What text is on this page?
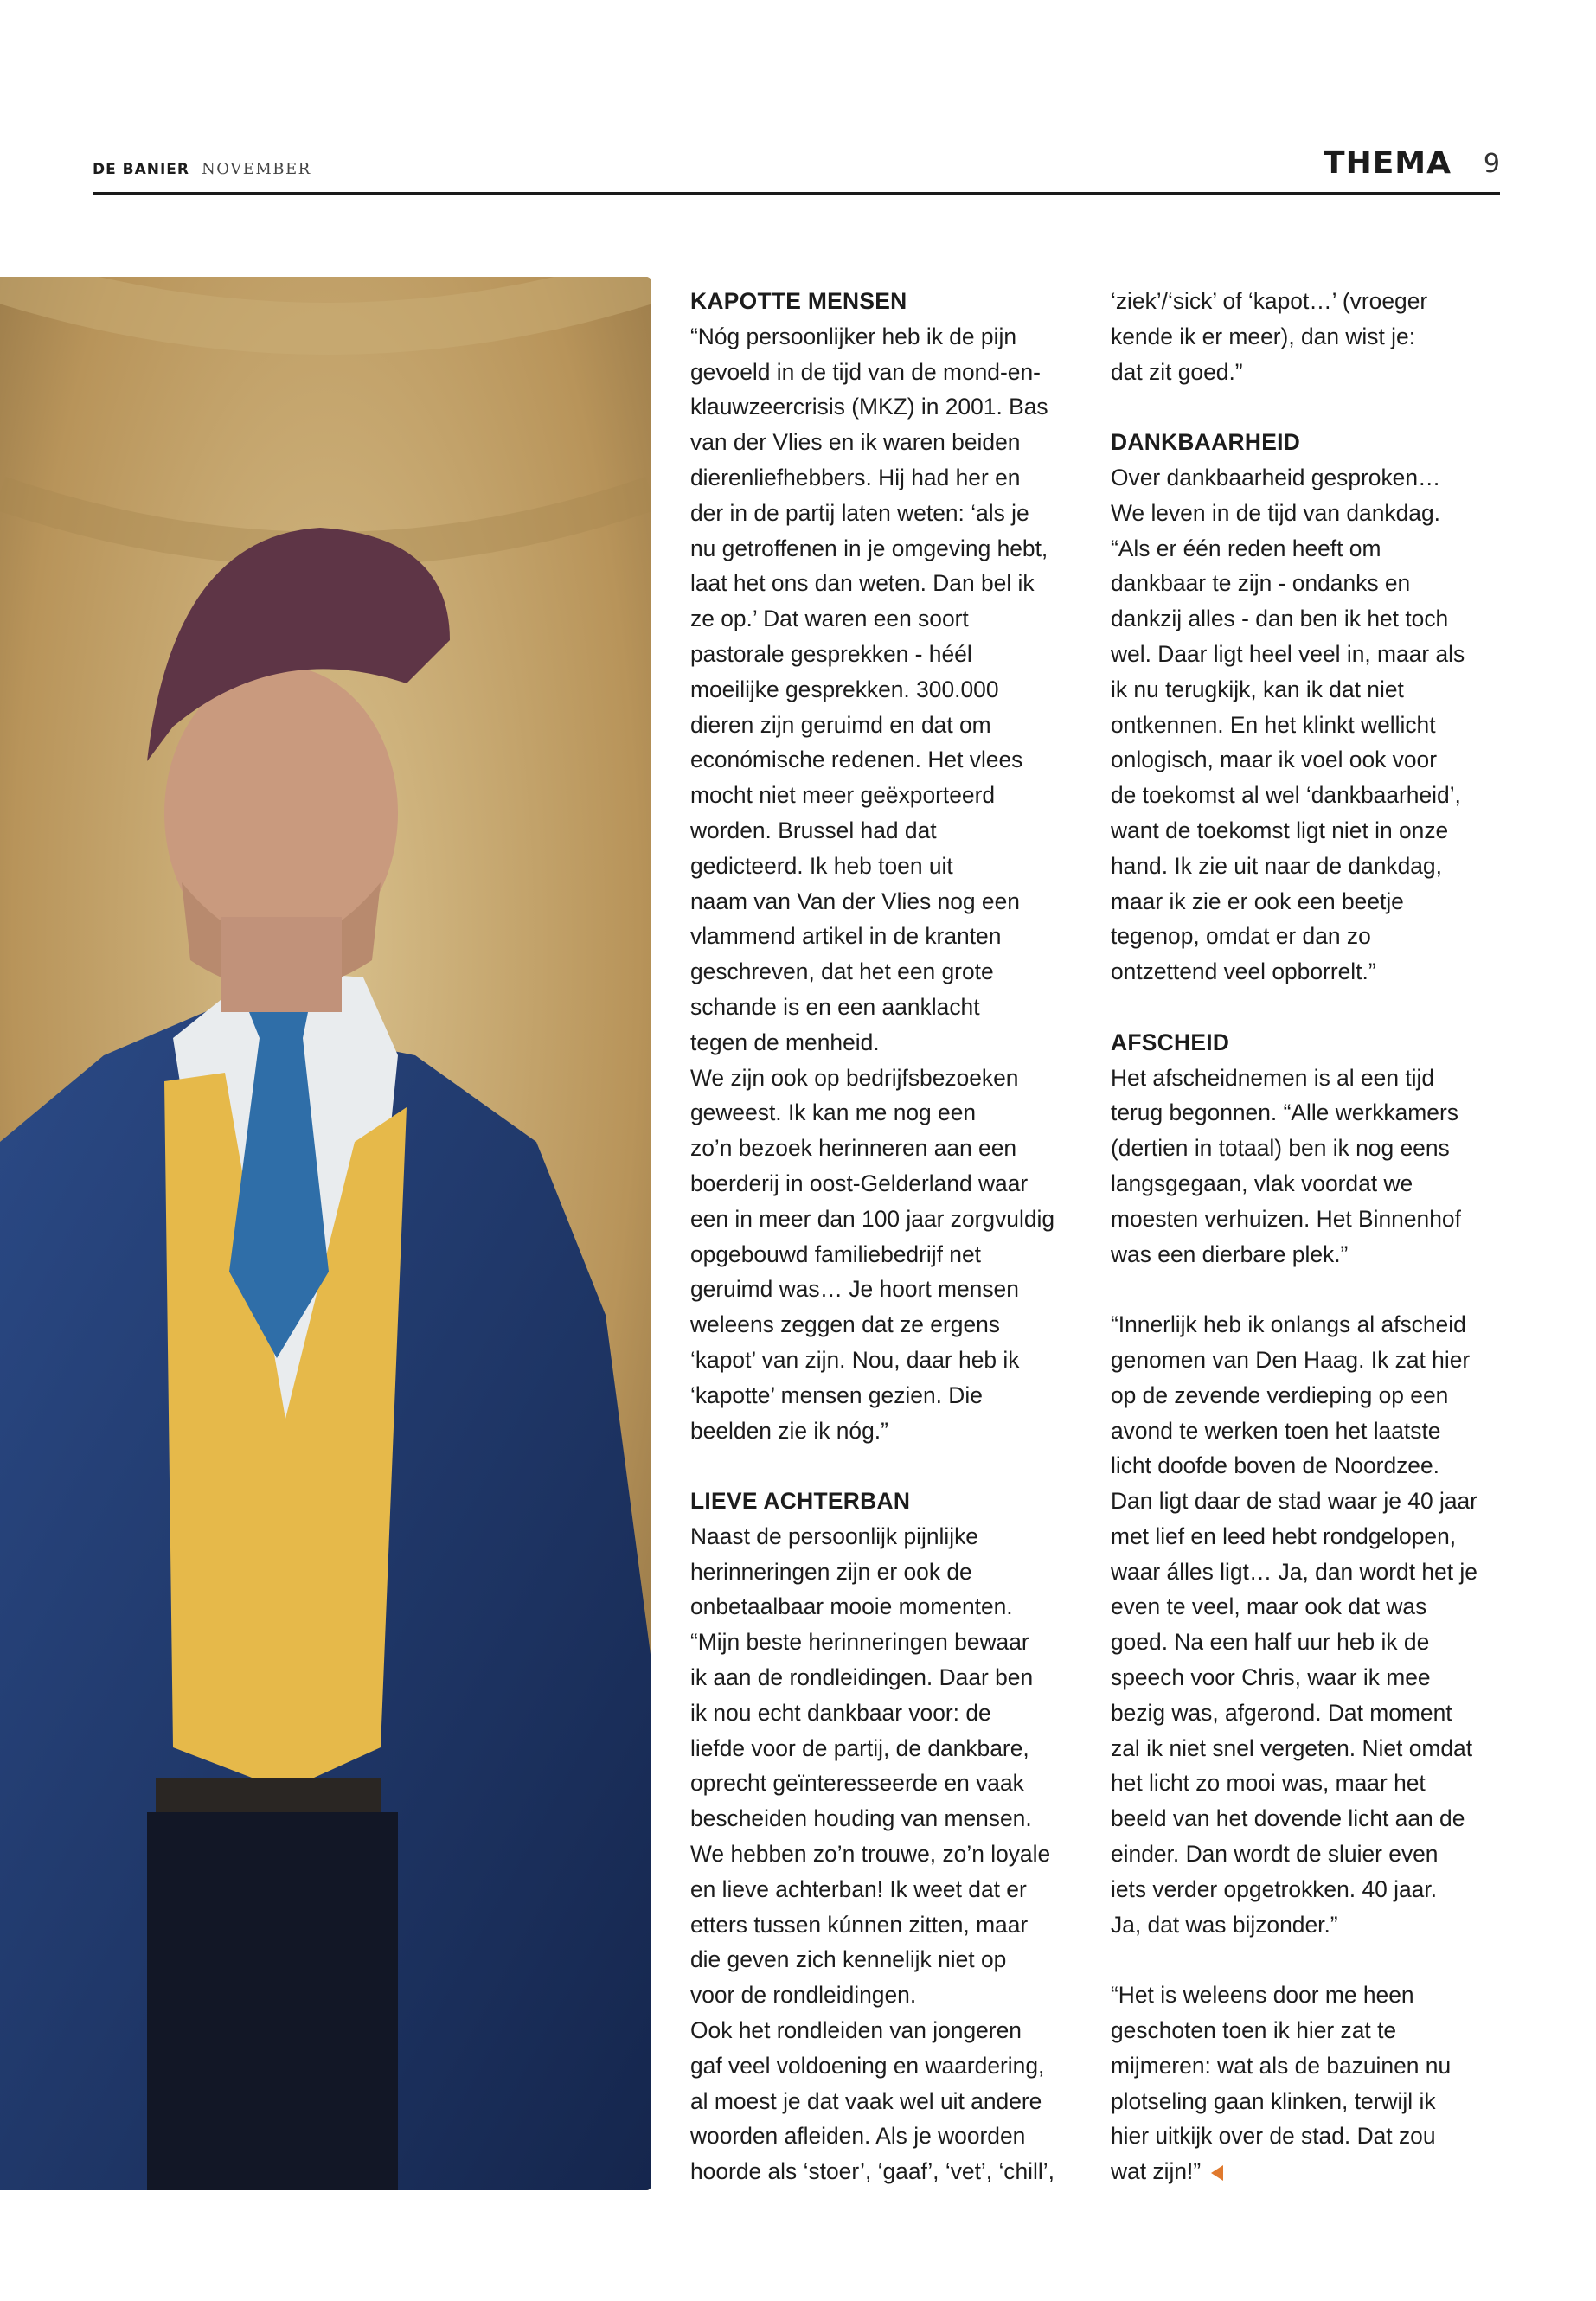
DE BANIER NOVEMBER	THEMA 9
KAPOTTE MENSEN

“Nóg persoonlijker heb ik de pijn

gevoeld in de tijd van de mond-en-

klauwzeercrisis (MKZ) in 2001. Bas

van der Vlies en ik waren beiden

dierenliefhebbers. Hij had her en

der in de partij laten weten: ‘als je

nu getroffenen in je omgeving hebt,

laat het ons dan weten. Dan bel ik

ze op.’ Dat waren een soort

pastorale gesprekken - héél

moeilijke gesprekken. 300.000

dieren zijn geruimd en dat om

económische redenen. Het vlees

mocht niet meer geëxporteerd

worden. Brussel had dat

gedicteerd. Ik heb toen uit

naam van Van der Vlies nog een

vlammend artikel in de kranten

geschreven, dat het een grote

schande is en een aanklacht

tegen de menheid.

We zijn ook op bedrijfsbezoeken

geweest. Ik kan me nog een

zo’n bezoek herinneren aan een

boerderij in oost-Gelderland waar

een in meer dan 100 jaar zorgvuldig

opgebouwd familiebedrijf net

geruimd was… Je hoort mensen

weleens zeggen dat ze ergens

‘kapot’ van zijn. Nou, daar heb ik

‘kapotte’ mensen gezien. Die

beelden zie ik nóg.”

LIEVE ACHTERBAN

Naast de persoonlijk pijnlijke

herinneringen zijn er ook de

onbetaalbaar mooie momenten.

“Mijn beste herinneringen bewaar

ik aan de rondleidingen. Daar ben

ik nou echt dankbaar voor: de

liefde voor de partij, de dankbare,

oprecht geïnteresseerde en vaak

bescheiden houding van mensen.

We hebben zo’n trouwe, zo’n loyale

en lieve achterban! Ik weet dat er

etters tussen kúnnen zitten, maar

die geven zich kennelijk niet op

voor de rondleidingen.

Ook het rondleiden van jongeren

gaf veel voldoening en waardering,

al moest je dat vaak wel uit andere

woorden afleiden. Als je woorden

hoorde als ‘stoer’, ‘gaaf’, ‘vet’, ‘chill’,

‘ziek’/‘sick’ of ‘kapot…’ (vroeger

kende ik er meer), dan wist je:

dat zit goed.”

DANKBAARHEID

Over dankbaarheid gesproken…

We leven in de tijd van dankdag.

“Als er één reden heeft om

dankbaar te zijn - ondanks en

dankzij alles - dan ben ik het toch

wel. Daar ligt heel veel in, maar als

ik nu terugkijk, kan ik dat niet

ontkennen. En het klinkt wellicht

onlogisch, maar ik voel ook voor

de toekomst al wel ‘dankbaarheid’,

want de toekomst ligt niet in onze

hand. Ik zie uit naar de dankdag,

maar ik zie er ook een beetje

tegenop, omdat er dan zo

ontzettend veel opborrelt.”

AFSCHEID

Het afscheidnemen is al een tijd

terug begonnen. “Alle werkkamers

(dertien in totaal) ben ik nog eens

langsgegaan, vlak voordat we

moesten verhuizen. Het Binnenhof

was een dierbare plek.”

“Innerlijk heb ik onlangs al afscheid

genomen van Den Haag. Ik zat hier

op de zevende verdieping op een

avond te werken toen het laatste

licht doofde boven de Noordzee.

Dan ligt daar de stad waar je 40 jaar

met lief en leed hebt rondgelopen,

waar álles ligt… Ja, dan wordt het je

even te veel, maar ook dat was

goed. Na een half uur heb ik de

speech voor Chris, waar ik mee

bezig was, afgerond. Dat moment

zal ik niet snel vergeten. Niet omdat

het licht zo mooi was, maar het

beeld van het dovende licht aan de

einder. Dan wordt de sluier even

iets verder opgetrokken. 40 jaar.

Ja, dat was bijzonder.”

“Het is weleens door me heen

geschoten toen ik hier zat te

mijmeren: wat als de bazuinen nu

plotseling gaan klinken, terwijl ik

hier uitkijk over de stad. Dat zou

wat zijn!”
